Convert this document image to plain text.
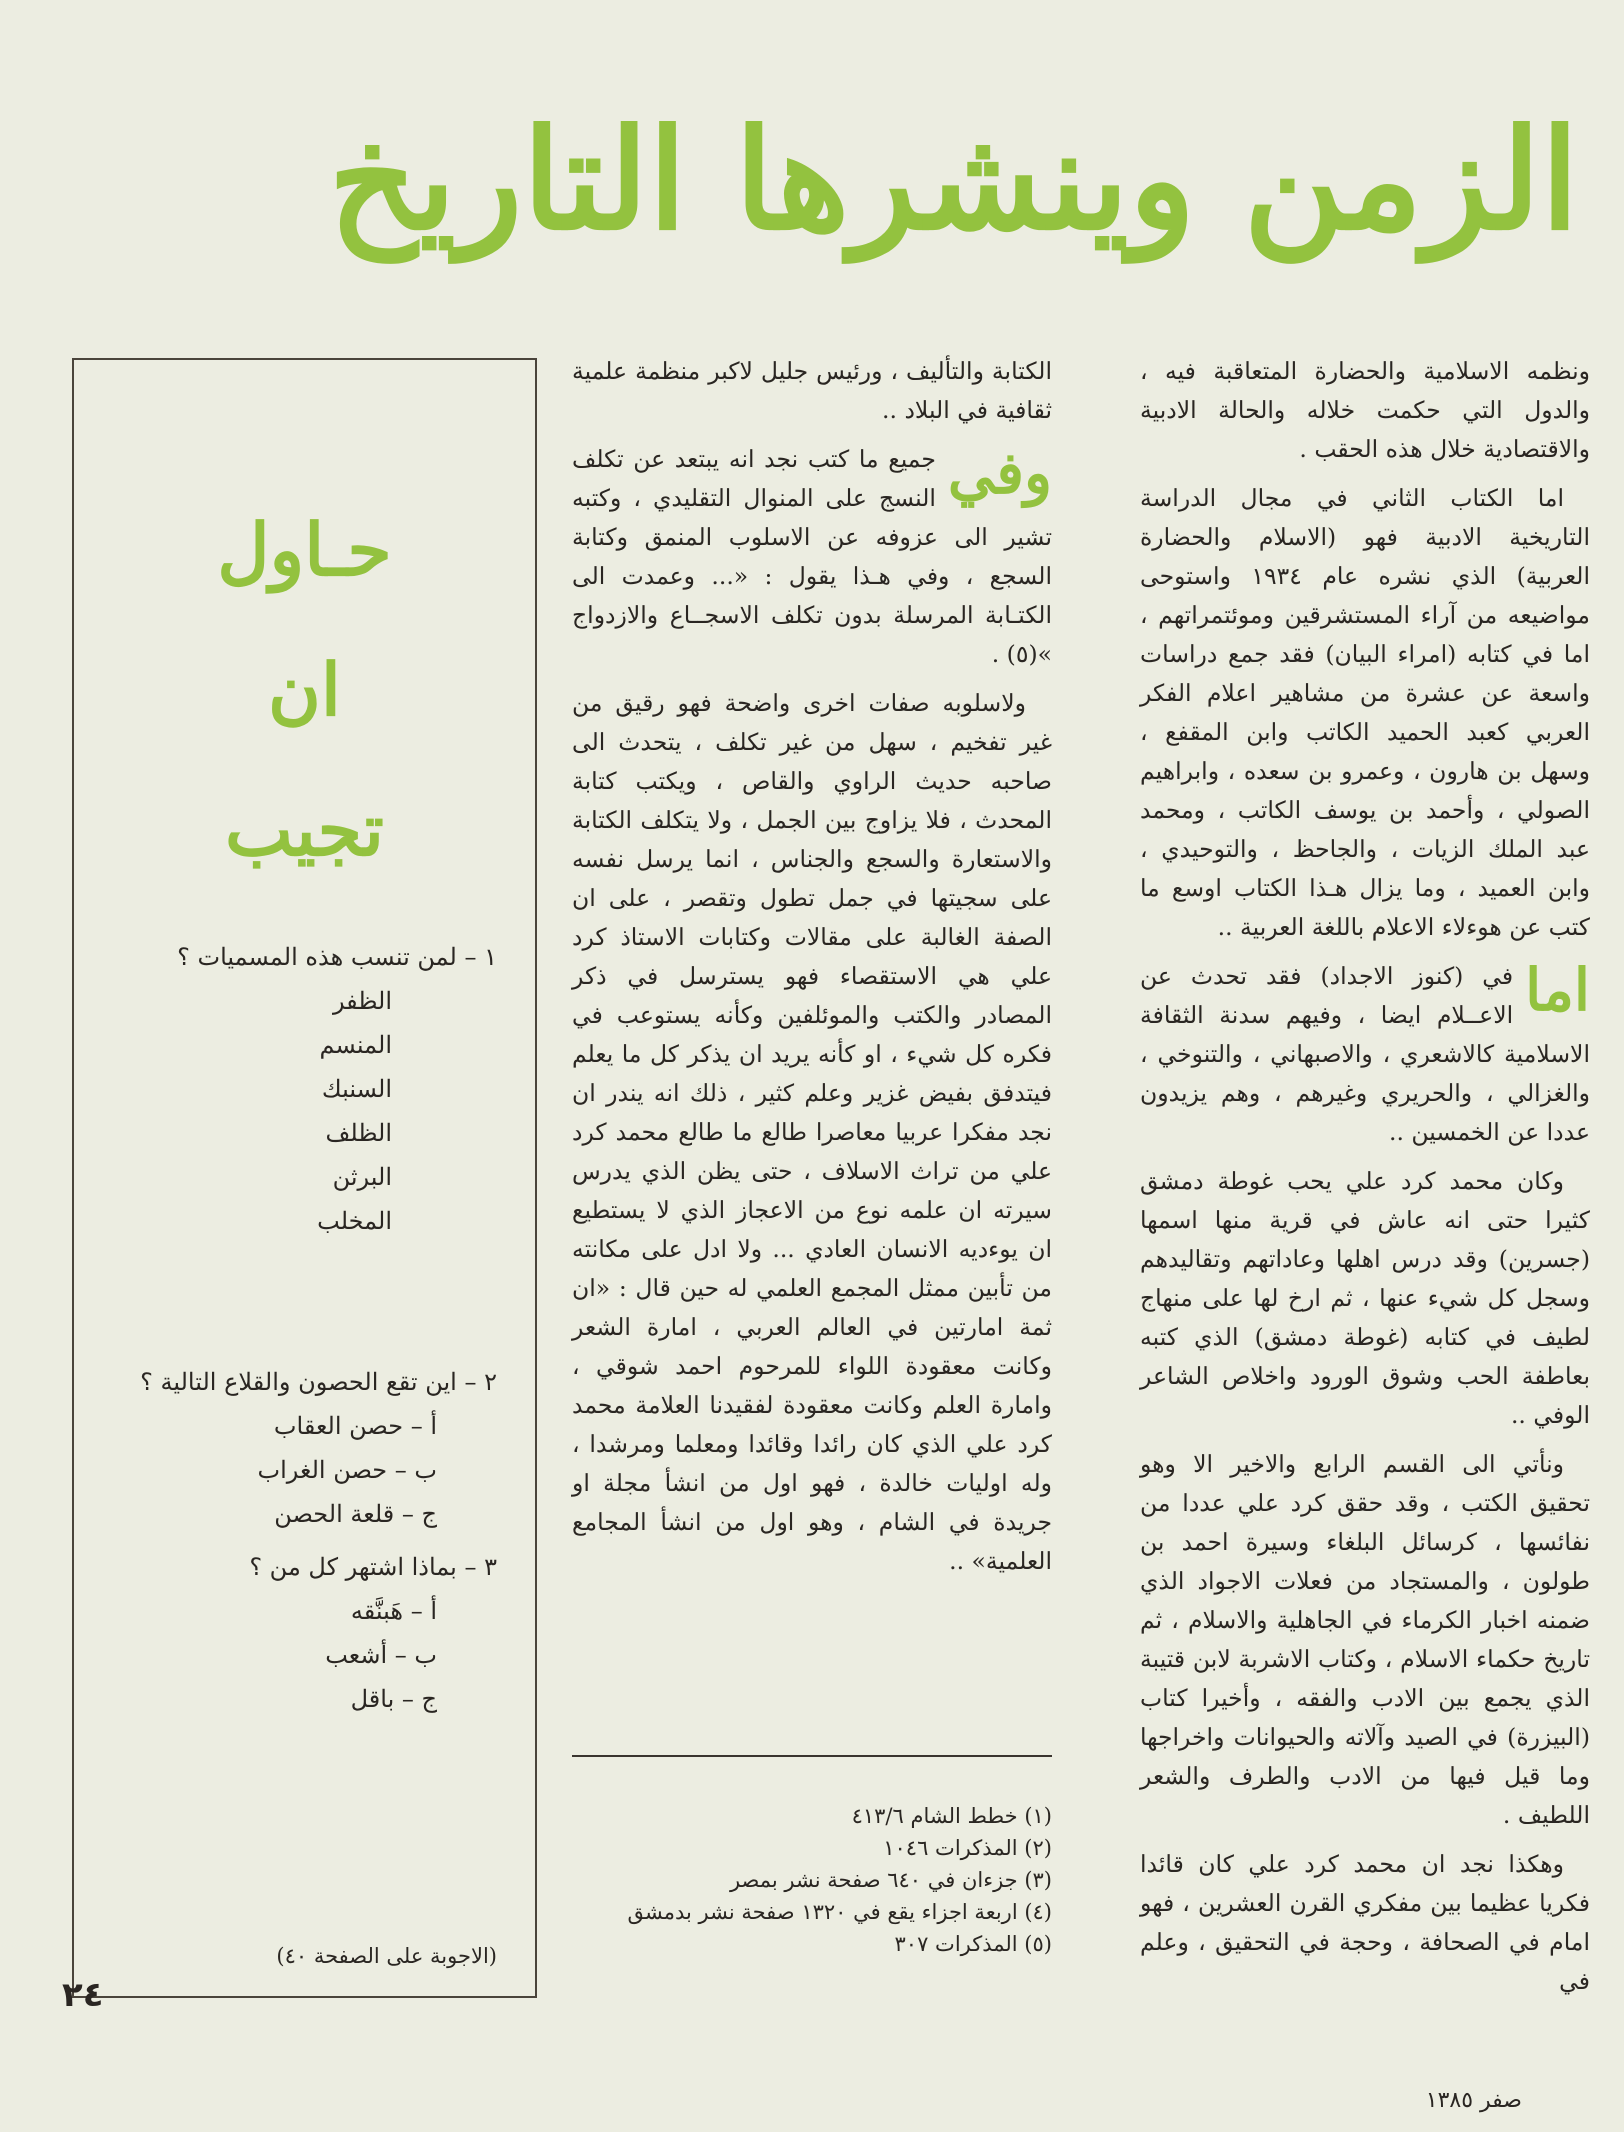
الزمن وينشرها التاريخ

ونظمه الاسلامية والحضارة المتعاقبة فيه ، والدول التي حكمت خلاله والحالة الادبية والاقتصادية خلال هذه الحقب .

اما الكتاب الثاني في مجال الدراسة التاريخية الادبية فهو (الاسلام والحضارة العربية) الذي نشره عام ١٩٣٤ واستوحى مواضيعه من آراء المستشرقين وموئتمراتهم ، اما في كتابه (امراء البيان) فقد جمع دراسات واسعة عن عشرة من مشاهير اعلام الفكر العربي كعبد الحميد الكاتب وابن المقفع ، وسهل بن هارون ، وعمرو بن سعده ، وابراهيم الصولي ، وأحمد بن يوسف الكاتب ، ومحمد عبد الملك الزيات ، والجاحظ ، والتوحيدي ، وابن العميد ، وما يزال هـذا الكتاب اوسع ما كتب عن هوءلاء الاعلام باللغة العربية ..

اما
في (كنوز الاجداد) فقد تحدث عن الاعــلام ايضا ، وفيهم سدنة الثقافة الاسلامية كالاشعري ، والاصبهاني ، والتنوخي ، والغزالي ، والحريري وغيرهم ، وهم يزيدون عددا عن الخمسين ..

وكان محمد كرد علي يحب غوطة دمشق كثيرا حتى انه عاش في قرية منها اسمها (جسرين) وقد درس اهلها وعاداتهم وتقاليدهم وسجل كل شيء عنها ، ثم ارخ لها على منهاج لطيف في كتابه (غوطة دمشق) الذي كتبه بعاطفة الحب وشوق الورود واخلاص الشاعر الوفي ..

ونأتي الى القسم الرابع والاخير الا وهو تحقيق الكتب ، وقد حقق كرد علي عددا من نفائسها ، كرسائل البلغاء وسيرة احمد بن طولون ، والمستجاد من فعلات الاجواد الذي ضمنه اخبار الكرماء في الجاهلية والاسلام ، ثم تاريخ حكماء الاسلام ، وكتاب الاشربة لابن قتيبة الذي يجمع بين الادب والفقه ، وأخيرا كتاب (البيزرة) في الصيد وآلاته والحيوانات واخراجها وما قيل فيها من الادب والطرف والشعر اللطيف .

وهكذا نجد ان محمد كرد علي كان قائدا فكريا عظيما بين مفكري القرن العشرين ، فهو امام في الصحافة ، وحجة في التحقيق ، وعلم في

الكتابة والتأليف ، ورئيس جليل لاكبر منظمة علمية ثقافية في البلاد ..

وفي
جميع ما كتب نجد انه يبتعد عن تكلف النسج على المنوال التقليدي ، وكتبه تشير الى عزوفه عن الاسلوب المنمق وكتابة السجع ، وفي هـذا يقول : «... وعمدت الى الكتـابة المرسلة بدون تكلف الاسجــاع والازدواج »(٥) .

ولاسلوبه صفات اخرى واضحة فهو رقيق من غير تفخيم ، سهل من غير تكلف ، يتحدث الى صاحبه حديث الراوي والقاص ، ويكتب كتابة المحدث ، فلا يزاوج بين الجمل ، ولا يتكلف الكتابة والاستعارة والسجع والجناس ، انما يرسل نفسه على سجيتها في جمل تطول وتقصر ، على ان الصفة الغالبة على مقالات وكتابات الاستاذ كرد علي هي الاستقصاء فهو يسترسل في ذكر المصادر والكتب والموئلفين وكأنه يستوعب في فكره كل شيء ، او كأنه يريد ان يذكر كل ما يعلم فيتدفق بفيض غزير وعلم كثير ، ذلك انه يندر ان نجد مفكرا عربيا معاصرا طالع ما طالع محمد كرد علي من تراث الاسلاف ، حتى يظن الذي يدرس سيرته ان علمه نوع من الاعجاز الذي لا يستطيع ان يوءديه الانسان العادي ... ولا ادل على مكانته من تأبين ممثل المجمع العلمي له حين قال : «ان ثمة امارتين في العالم العربي ، امارة الشعر وكانت معقودة اللواء للمرحوم احمد شوقي ، وامارة العلم وكانت معقودة لفقيدنا العلامة محمد كرد علي الذي كان رائدا وقائدا ومعلما ومرشدا ، وله اوليات خالدة ، فهو اول من انشأ مجلة او جريدة في الشام ، وهو اول من انشأ المجامع العلمية» ..

(١) خطط الشام ٤١٣/٦
(٢) المذكرات ١٠٤٦
(٣) جزءان في ٦٤٠ صفحة نشر بمصر
(٤) اربعة اجزاء يقع في ١٣٢٠ صفحة نشر بدمشق
(٥) المذكرات ٣٠٧
حـاول
ان
تجيب
١ – لمن تنسب هذه المسميات ؟
الظفر
المنسم
السنبك
الظلف
البرثن
المخلب
٢ – اين تقع الحصون والقلاع التالية ؟
أ – حصن العقاب
ب – حصن الغراب
ج – قلعة الحصن
٣ – بماذا اشتهر كل من ؟
أ – هَبنَّقه
ب – أشعب
ج – باقل
(الاجوبة على الصفحة ٤٠)
٢٤
صفر ١٣٨٥
